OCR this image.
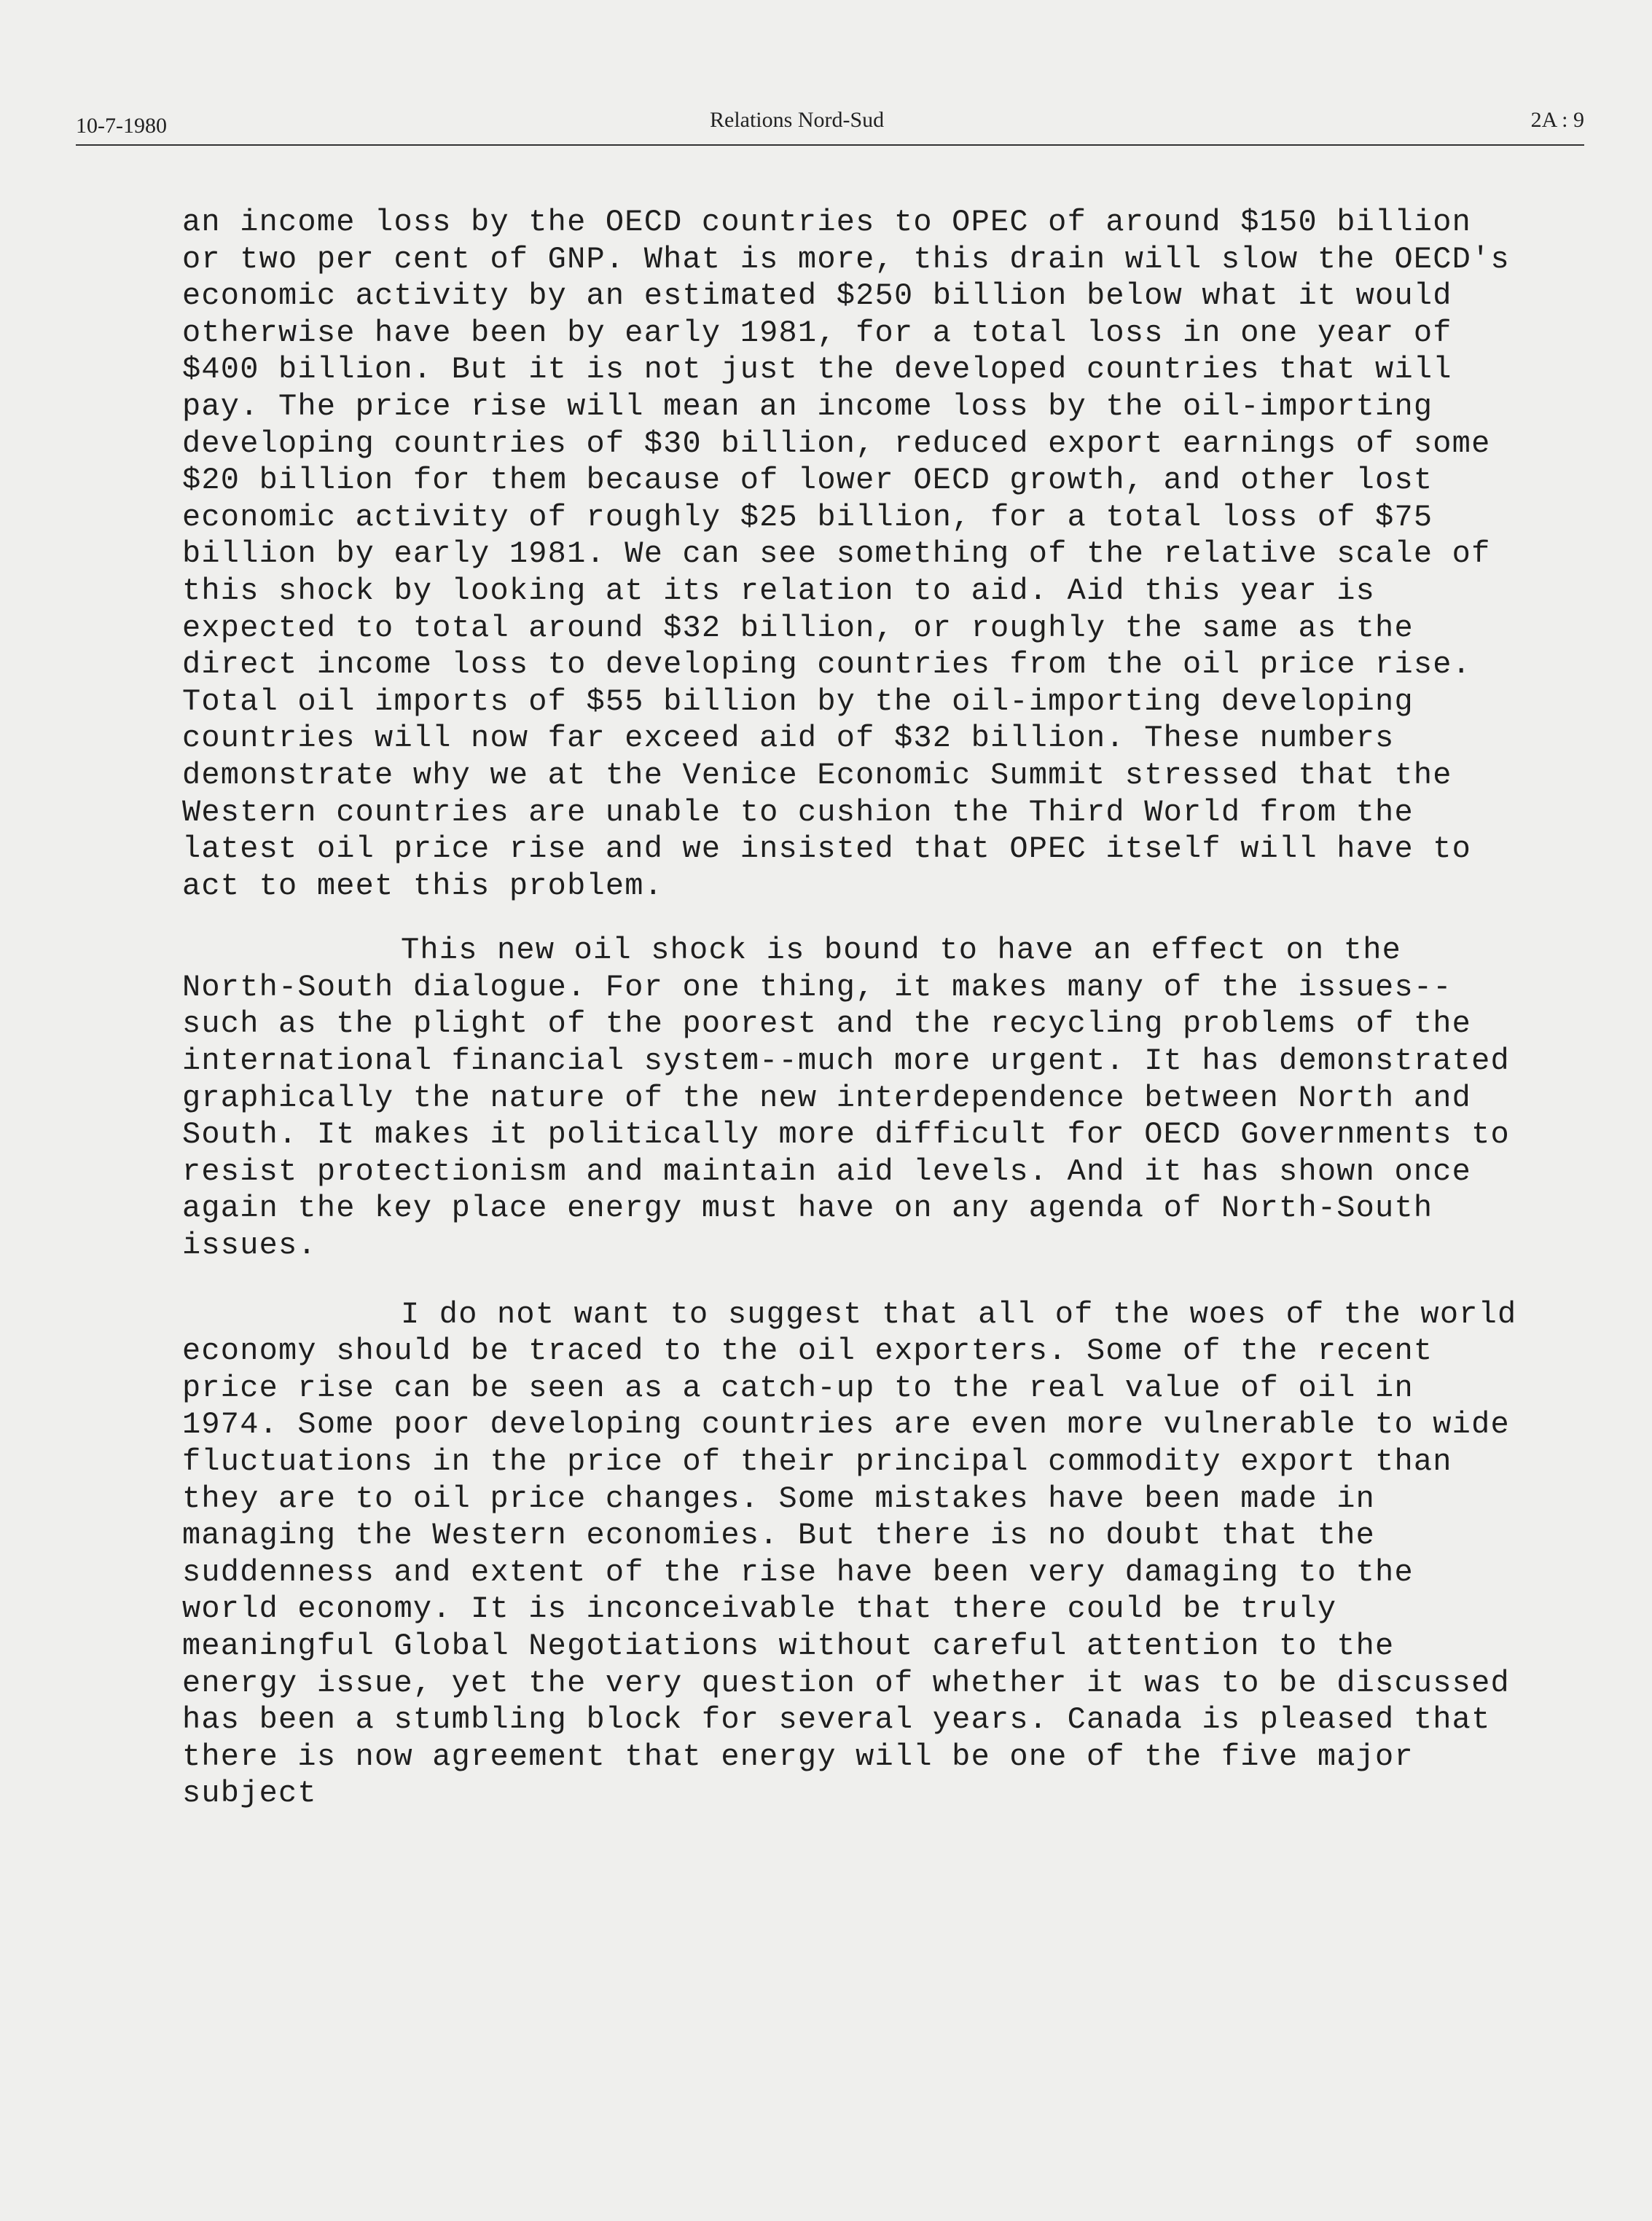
10-7-1980	Relations Nord-Sud	2A : 9

an income loss by the OECD countries to OPEC of around $150 billion or two per cent of GNP. What is more, this drain will slow the OECD's economic activity by an estimated $250 billion below what it would otherwise have been by early 1981, for a total loss in one year of $400 billion. But it is not just the developed countries that will pay. The price rise will mean an income loss by the oil-importing developing countries of $30 billion, reduced export earnings of some $20 billion for them because of lower OECD growth, and other lost economic activity of roughly $25 billion, for a total loss of $75 billion by early 1981. We can see something of the relative scale of this shock by looking at its relation to aid. Aid this year is expected to total around $32 billion, or roughly the same as the direct income loss to developing countries from the oil price rise. Total oil imports of $55 billion by the oil-importing developing countries will now far exceed aid of $32 billion. These numbers demonstrate why we at the Venice Economic Summit stressed that the Western countries are unable to cushion the Third World from the latest oil price rise and we insisted that OPEC itself will have to act to meet this problem.

This new oil shock is bound to have an effect on the North-South dialogue. For one thing, it makes many of the issues--such as the plight of the poorest and the recycling problems of the international financial system--much more urgent. It has demonstrated graphically the nature of the new interdependence between North and South. It makes it politically more difficult for OECD Governments to resist protectionism and maintain aid levels. And it has shown once again the key place energy must have on any agenda of North-South issues.

I do not want to suggest that all of the woes of the world economy should be traced to the oil exporters. Some of the recent price rise can be seen as a catch-up to the real value of oil in 1974. Some poor developing countries are even more vulnerable to wide fluctuations in the price of their principal commodity export than they are to oil price changes. Some mistakes have been made in managing the Western economies. But there is no doubt that the suddenness and extent of the rise have been very damaging to the world economy. It is inconceivable that there could be truly meaningful Global Negotiations without careful attention to the energy issue, yet the very question of whether it was to be discussed has been a stumbling block for several years. Canada is pleased that there is now agreement that energy will be one of the five major subject
